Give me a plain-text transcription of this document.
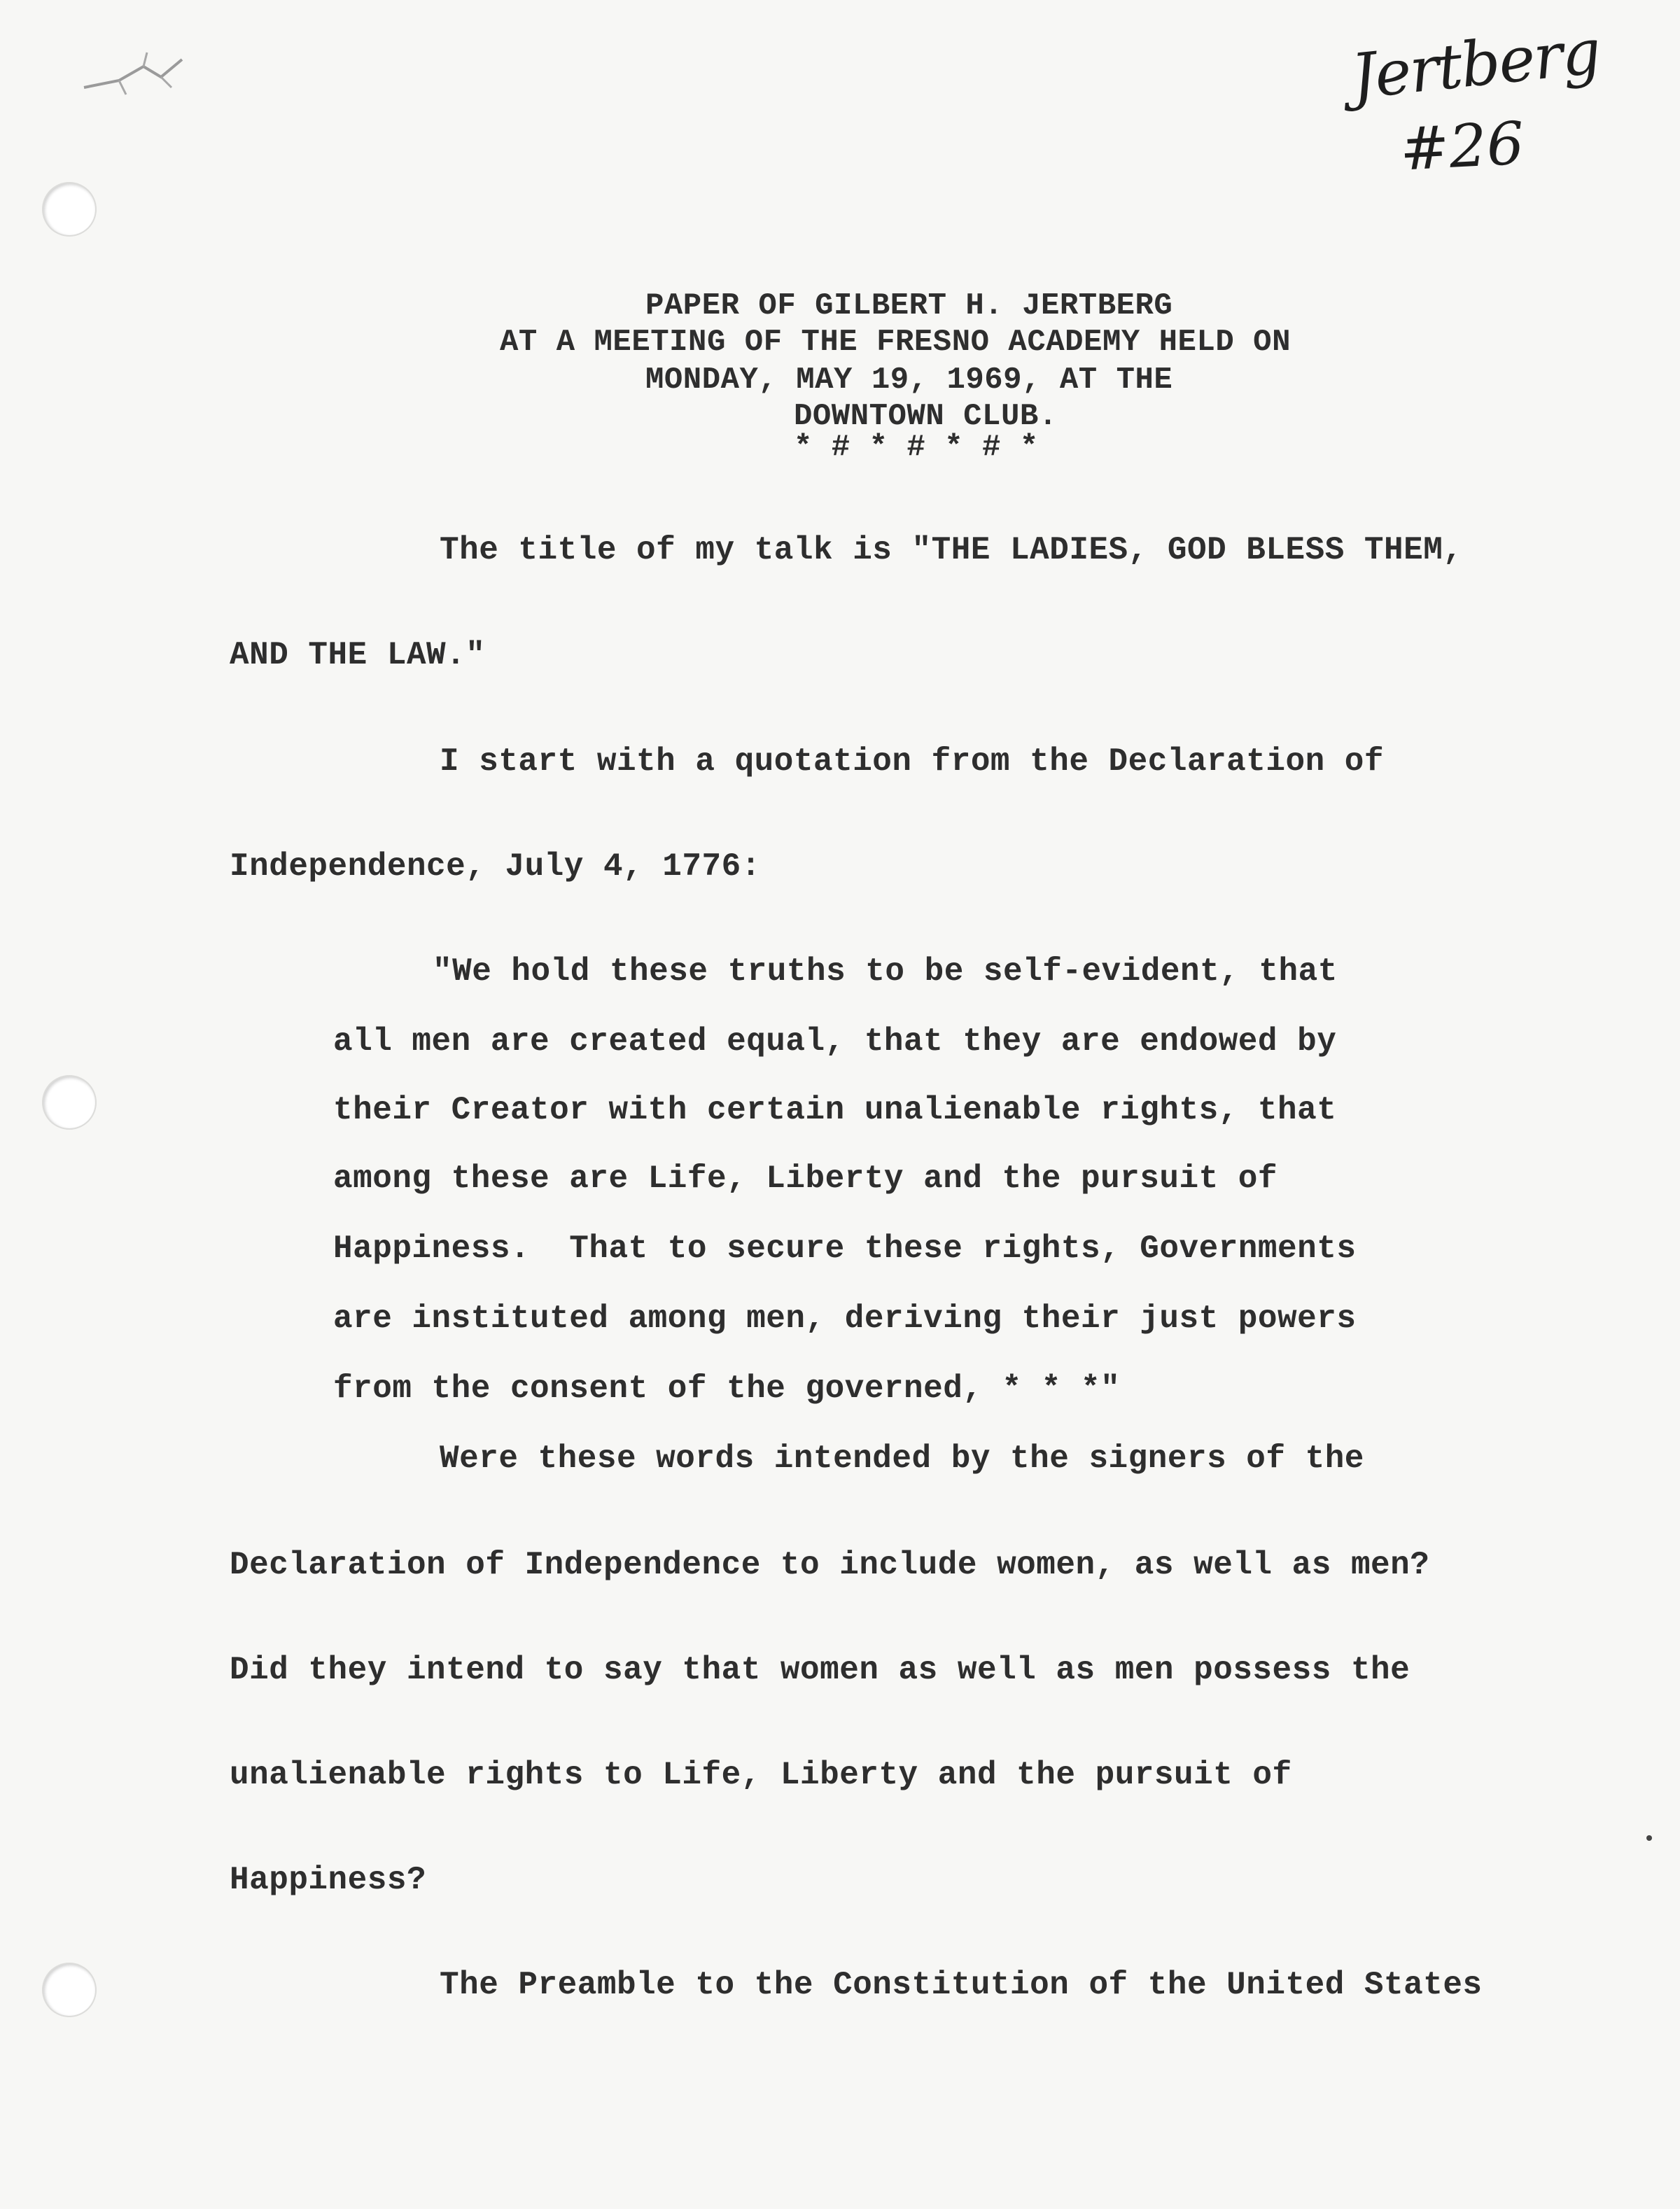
Jertberg
#26
PAPER OF GILBERT H. JERTBERG
AT A MEETING OF THE FRESNO ACADEMY HELD ON
MONDAY, MAY 19, 1969, AT THE
DOWNTOWN CLUB.
* # * # * # *
The title of my talk is "THE LADIES, GOD BLESS THEM,
AND THE LAW."
I start with a quotation from the Declaration of
Independence, July 4, 1776:
"We hold these truths to be self-evident, that
all men are created equal, that they are endowed by
their Creator with certain unalienable rights, that
among these are Life, Liberty and the pursuit of
Happiness.  That to secure these rights, Governments
are instituted among men, deriving their just powers
from the consent of the governed, * * *"
Were these words intended by the signers of the
Declaration of Independence to include women, as well as men?
Did they intend to say that women as well as men possess the
unalienable rights to Life, Liberty and the pursuit of
Happiness?
The Preamble to the Constitution of the United States
